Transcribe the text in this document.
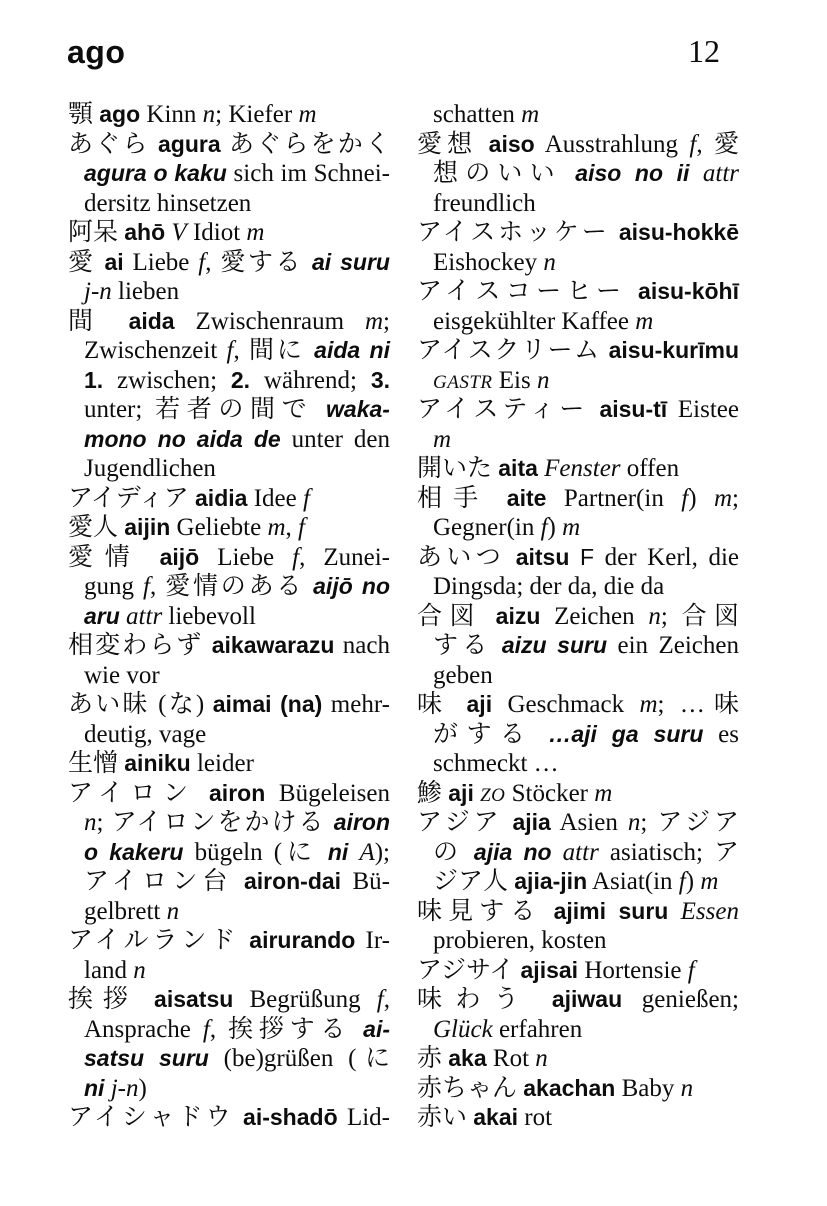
ago	12
顎 ago Kinn n; Kiefer m
あぐら agura あぐらをかく
agura o kaku sich im Schnei-
dersitz hinsetzen
阿呆 ahō V Idiot m
愛 ai Liebe f, 愛する ai suru
j-n lieben
間 aida Zwischenraum m;
Zwischenzeit f, 間に aida ni
1. zwischen; 2. während; 3.
unter; 若者の間で waka-
mono no aida de unter den
Jugendlichen
アイディア aidia Idee f
愛人 aijin Geliebte m, f
愛情 aijō Liebe f, Zunei-
gung f, 愛情のある aijō no
aru attr liebevoll
相変わらず aikawarazu nach
wie vor
あい昧 (な) aimai (na) mehr-
deutig, vage
生憎 ainiku leider
アイロン airon Bügeleisen
n; アイロンをかける airon
o kakeru bügeln (に ni A);
アイロン台 airon-dai Bü-
gelbrett n
アイルランド airurando Ir-
land n
挨拶 aisatsu Begrüßung f,
Ansprache f, 挨拶する ai-
satsu suru (be)grüßen (に
ni j-n)
アイシャドウ ai-shadō Lid-
schatten m
愛想 aiso Ausstrahlung f, 愛
想のいい aiso no ii attr
freundlich
アイスホッケー aisu-hokkē
Eishockey n
アイスコーヒー aisu-kōhī
eisgekühlter Kaffee m
アイスクリーム aisu-kurīmu
GASTR Eis n
アイスティー aisu-tī Eistee
m
開いた aita Fenster offen
相手 aite Partner(in f) m;
Gegner(in f) m
あいつ aitsu F der Kerl, die
Dingsda; der da, die da
合図 aizu Zeichen n; 合図
する aizu suru ein Zeichen
geben
味 aji Geschmack m; …味
がする …aji ga suru es
schmeckt …
鯵 aji ZO Stöcker m
アジア ajia Asien n; アジア
の ajia no attr asiatisch; ア
ジア人 ajia-jin Asiat(in f) m
味見する ajimi suru Essen
probieren, kosten
アジサイ ajisai Hortensie f
味わう ajiwau genießen;
Glück erfahren
赤 aka Rot n
赤ちゃん akachan Baby n
赤い akai rot
